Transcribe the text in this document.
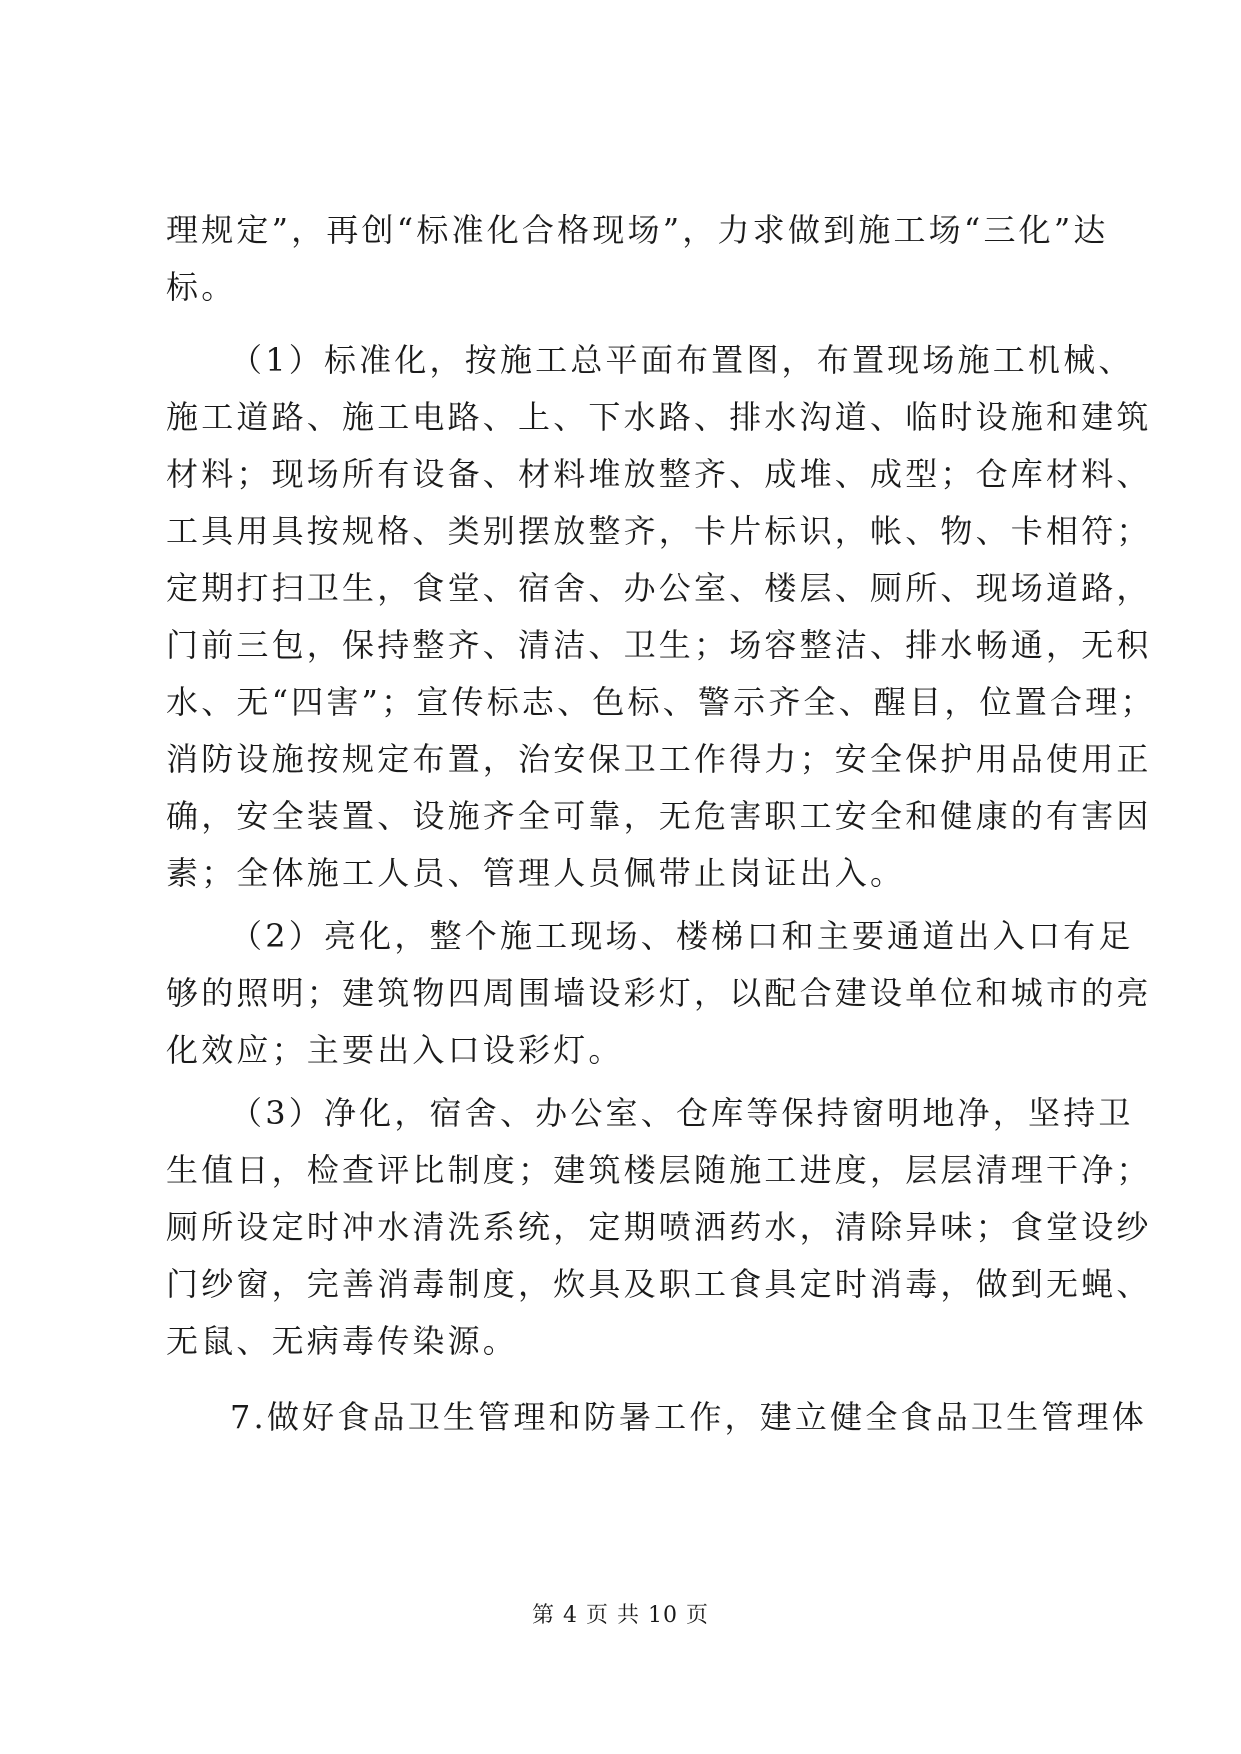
理规定”，再创“标准化合格现场”，力求做到施工场“三化”达
标。
（1）标准化，按施工总平面布置图，布置现场施工机械、
施工道路、施工电路、上、下水路、排水沟道、临时设施和建筑
材料；现场所有设备、材料堆放整齐、成堆、成型；仓库材料、
工具用具按规格、类别摆放整齐，卡片标识，帐、物、卡相符；
定期打扫卫生，食堂、宿舍、办公室、楼层、厕所、现场道路，
门前三包，保持整齐、清洁、卫生；场容整洁、排水畅通，无积
水、无“四害”；宣传标志、色标、警示齐全、醒目，位置合理；
消防设施按规定布置，治安保卫工作得力；安全保护用品使用正
确，安全装置、设施齐全可靠，无危害职工安全和健康的有害因
素；全体施工人员、管理人员佩带止岗证出入。
（2）亮化，整个施工现场、楼梯口和主要通道出入口有足
够的照明；建筑物四周围墙设彩灯，以配合建设单位和城市的亮
化效应；主要出入口设彩灯。
（3）净化，宿舍、办公室、仓库等保持窗明地净，坚持卫
生值日，检查评比制度；建筑楼层随施工进度，层层清理干净；
厕所设定时冲水清洗系统，定期喷洒药水，清除异味；食堂设纱
门纱窗，完善消毒制度，炊具及职工食具定时消毒，做到无蝇、
无鼠、无病毒传染源。
7.做好食品卫生管理和防暑工作，建立健全食品卫生管理体
第 4 页 共 10 页
